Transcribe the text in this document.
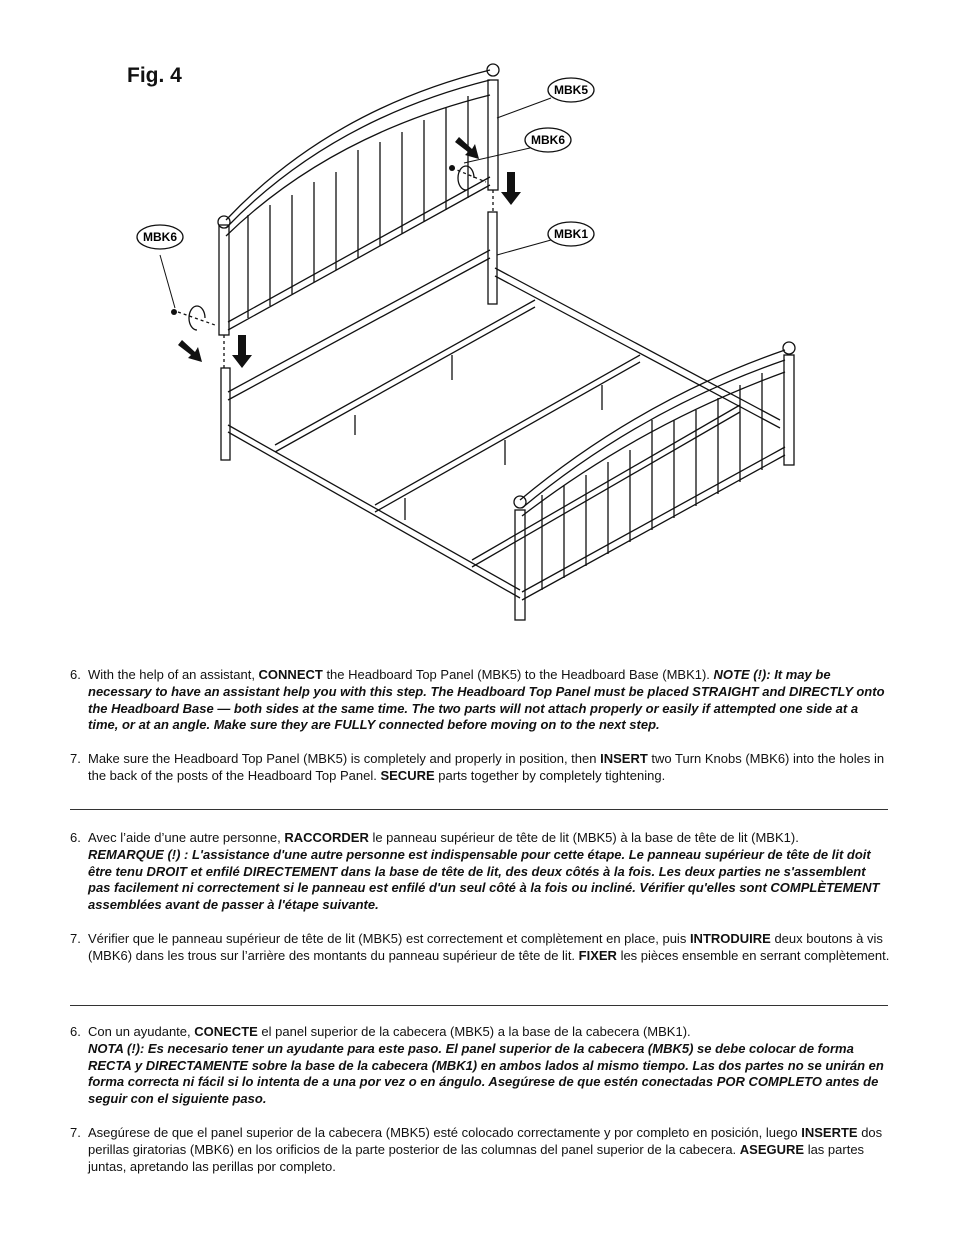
Fig. 4
MBK5
MBK6
MBK1
MBK6
6. With the help of an assistant, CONNECT the Headboard Top Panel (MBK5) to the Headboard Base (MBK1). NOTE (!): It may be necessary to have an assistant help you with this step. The Headboard Top Panel must be placed STRAIGHT and DIRECTLY onto the Headboard Base — both sides at the same time. The two parts will not attach properly or easily if attempted one side at a time, or at an angle. Make sure they are FULLY connected before moving on to the next step.
7. Make sure the Headboard Top Panel (MBK5) is completely and properly in position, then INSERT two Turn Knobs (MBK6) into the holes in the back of the posts of the Headboard Top Panel. SECURE parts together by completely tightening.
6. Avec l’aide d’une autre personne, RACCORDER le panneau supérieur de tête de lit (MBK5) à la base de tête de lit (MBK1).
REMARQUE (!) : L'assistance d'une autre personne est indispensable pour cette étape. Le panneau supérieur de tête de lit doit être tenu DROIT et enfilé DIRECTEMENT dans la base de tête de lit, des deux côtés à la fois. Les deux parties ne s'assemblent pas facilement ni correctement si le panneau est enfilé d'un seul côté à la fois ou incliné. Vérifier qu'elles sont COMPLÈTEMENT assemblées avant de passer à l'étape suivante.
7. Vérifier que le panneau supérieur de tête de lit (MBK5) est correctement et complètement en place, puis INTRODUIRE deux boutons à vis (MBK6) dans les trous sur l’arrière des montants du panneau supérieur de tête de lit. FIXER les pièces ensemble en serrant complètement.
6. Con un ayudante, CONECTE el panel superior de la cabecera (MBK5) a la base de la cabecera (MBK1).
NOTA (!): Es necesario tener un ayudante para este paso. El panel superior de la cabecera (MBK5) se debe colocar de forma RECTA y DIRECTAMENTE sobre la base de la cabecera (MBK1) en ambos lados al mismo tiempo. Las dos partes no se unirán en forma correcta ni fácil si lo intenta de a una por vez o en ángulo. Asegúrese de que estén conectadas POR COMPLETO antes de seguir con el siguiente paso.
7. Asegúrese de que el panel superior de la cabecera (MBK5) esté colocado correctamente y por completo en posición, luego INSERTE dos perillas giratorias (MBK6) en los orificios de la parte posterior de las columnas del panel superior de la cabecera. ASEGURE las partes juntas, apretando las perillas por completo.
